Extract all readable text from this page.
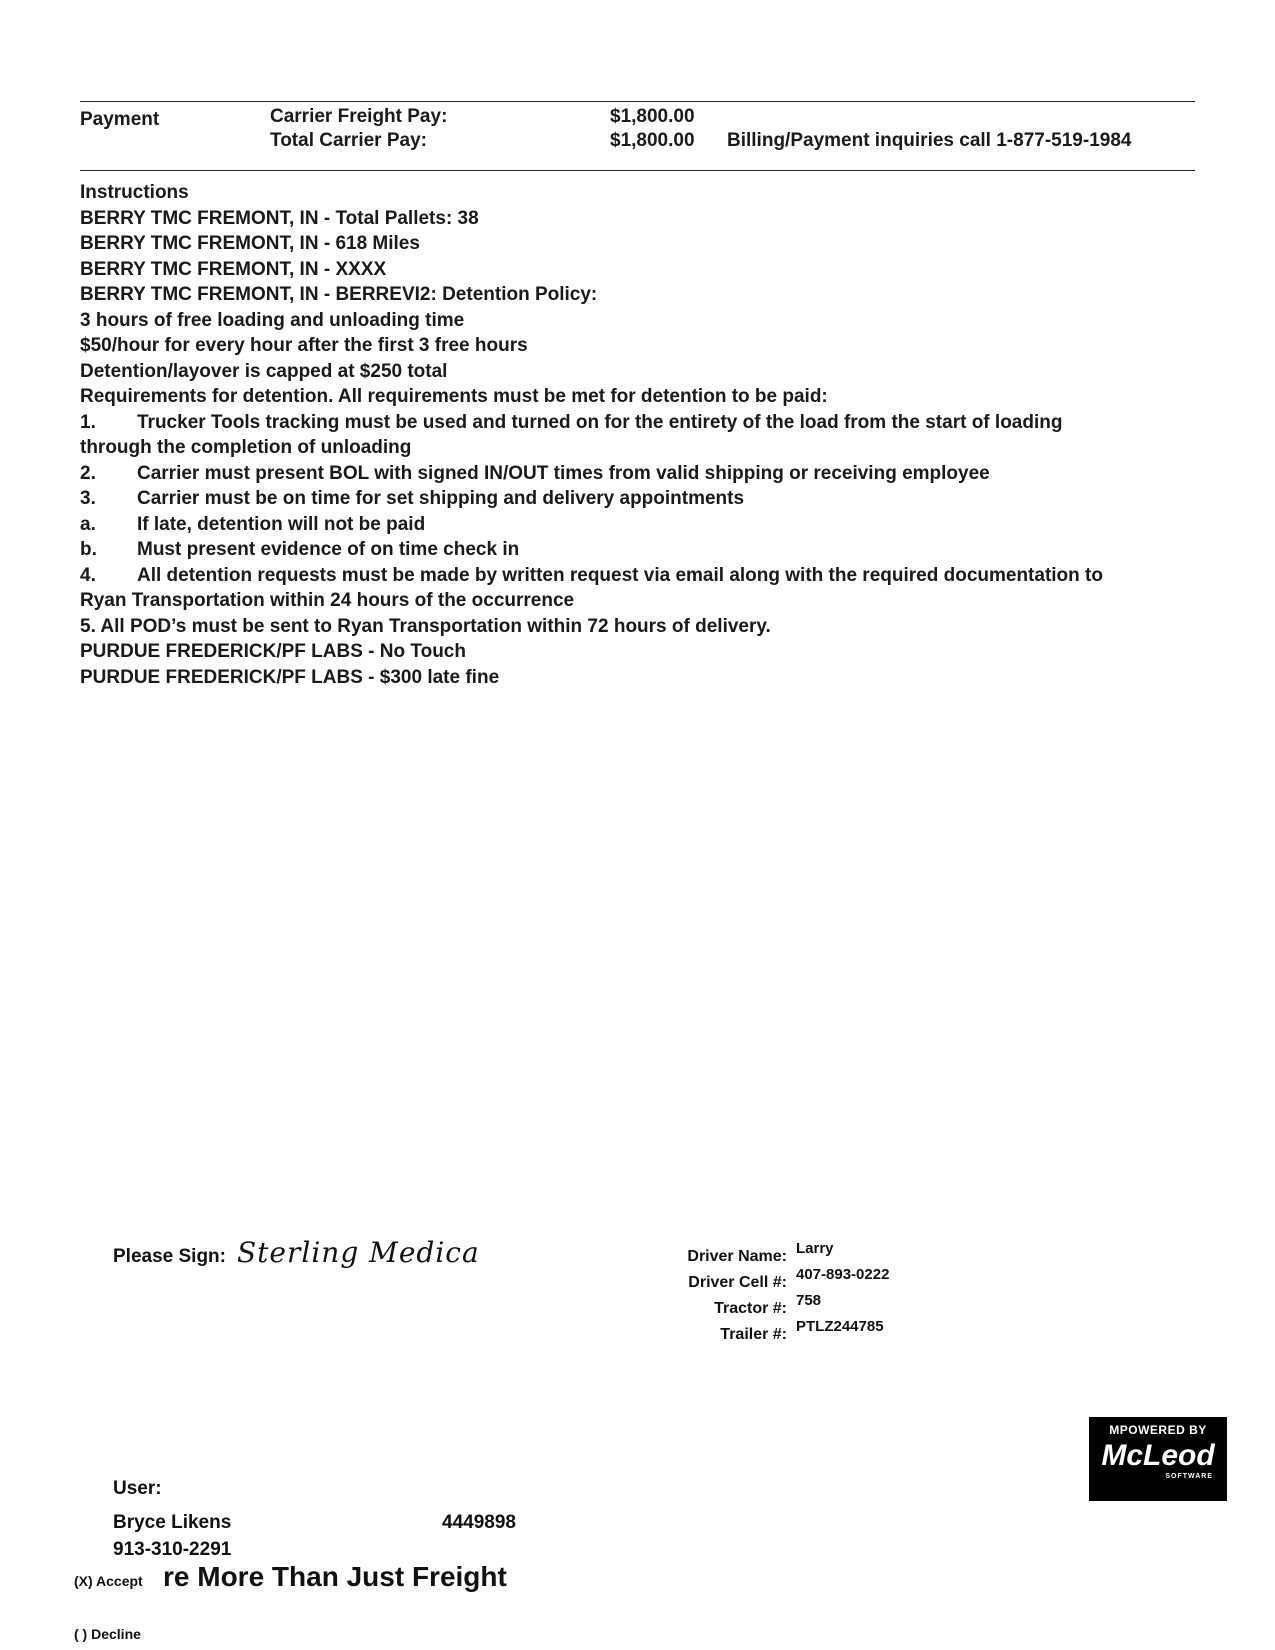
Payment	Carrier Freight Pay:	$1,800.00
Total Carrier Pay:	$1,800.00 Billing/Payment inquiries call 1-877-519-1984
Instructions
BERRY TMC FREMONT, IN - Total Pallets: 38
BERRY TMC FREMONT, IN - 618 Miles
BERRY TMC FREMONT, IN - XXXX
BERRY TMC FREMONT, IN - BERREVI2: Detention Policy:
3 hours of free loading and unloading time
$50/hour for every hour after the first 3 free hours
Detention/layover is capped at $250 total
Requirements for detention. All requirements must be met for detention to be paid:
1. Trucker Tools tracking must be used and turned on for the entirety of the load from the start of loading
through the completion of unloading
2. Carrier must present BOL with signed IN/OUT times from valid shipping or receiving employee
3. Carrier must be on time for set shipping and delivery appointments
a. If late, detention will not be paid
b. Must present evidence of on time check in
4. All detention requests must be made by written request via email along with the required documentation to
Ryan Transportation within 24 hours of the occurrence
5. All POD’s must be sent to Ryan Transportation within 72 hours of delivery.
PURDUE FREDERICK/PF LABS - No Touch
PURDUE FREDERICK/PF LABS - $300 late fine
Please Sign: Sterling Medica	Driver Name: Larry
Driver Cell #: 407-893-0222
Tractor #: 758
Trailer #: PTLZ244785
MPOWERED BY
McLeod
SOFTWARE
User:
Bryce Likens	4449898
913-310-2291
(X) Accept re More Than Just Freight
( ) Decline
